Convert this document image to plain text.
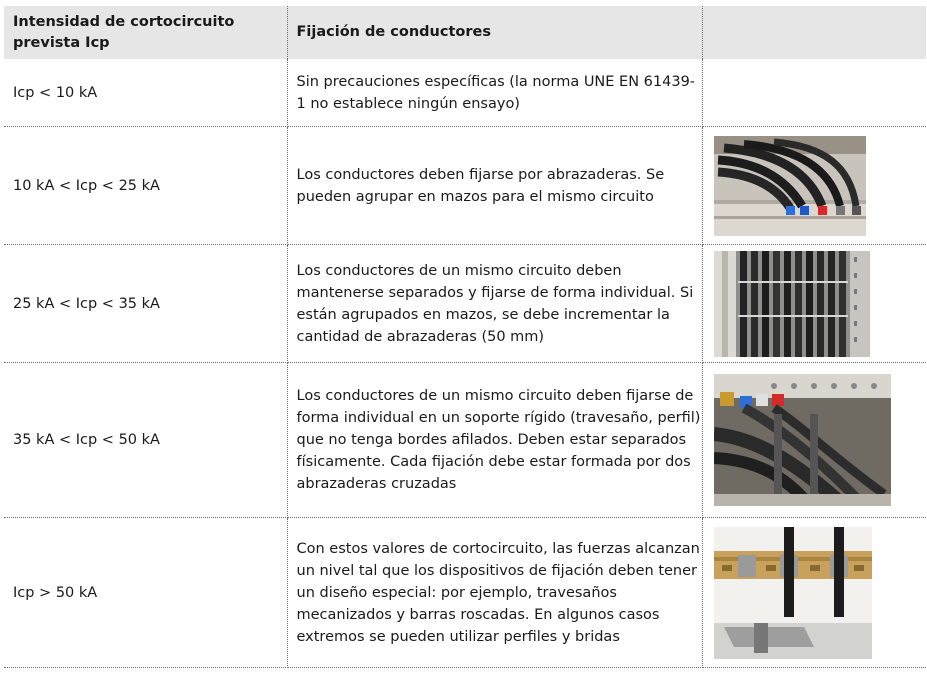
Intensidad de cortocircuito prevista Icp	Fijación de conductores	
Icp < 10 kA	Sin precauciones específicas (la norma UNE EN 61439-1 no establece ningún ensayo)	
10 kA < Icp < 25 kA	Los conductores deben fijarse por abrazaderas. Se pueden agrupar en mazos para el mismo circuito	

25 kA < Icp < 35 kA	Los conductores de un mismo circuito deben mantenerse separados y fijarse de forma individual. Si están agrupados en mazos, se debe incrementar la cantidad de abrazaderas (50 mm)	

35 kA < Icp < 50 kA	Los conductores de un mismo circuito deben fijarse de forma individual en un soporte rígido (travesaño, perfil) que no tenga bordes afilados. Deben estar separados físicamente. Cada fijación debe estar formada por dos abrazaderas cruzadas	

Icp > 50 kA	Con estos valores de cortocircuito, las fuerzas alcanzan un nivel tal que los dispositivos de fijación deben tener un diseño especial: por ejemplo, travesaños mecanizados y barras roscadas. En algunos casos extremos se pueden utilizar perfiles y bridas	
